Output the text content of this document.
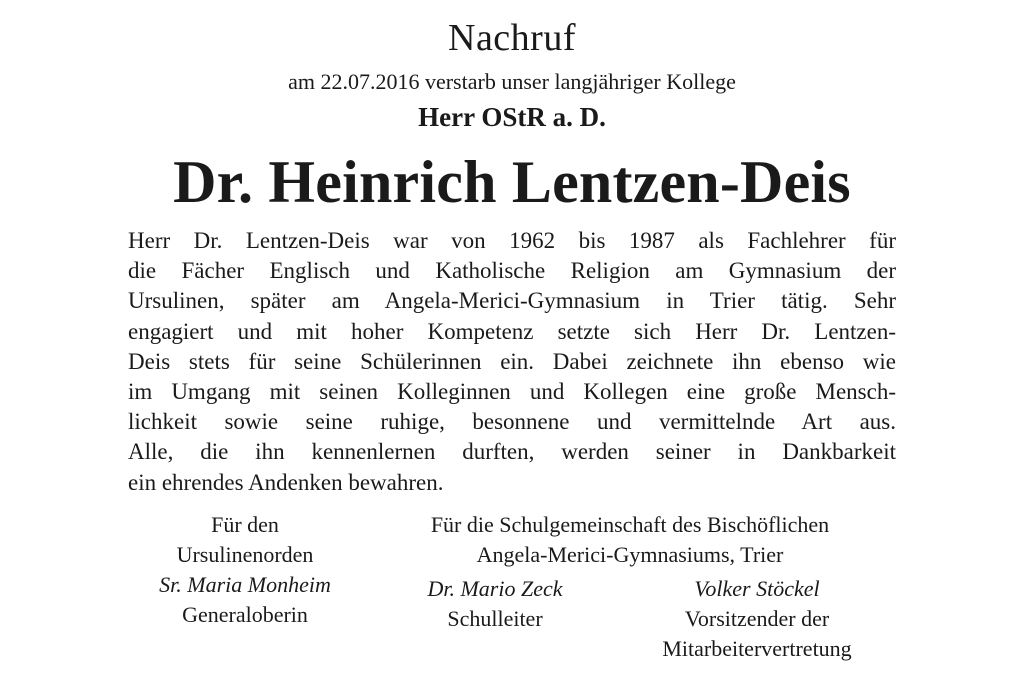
Nachruf
am 22.07.2016 verstarb unser langjähriger Kollege
Herr OStR a. D.
Dr. Heinrich Lentzen-Deis
Herr Dr. Lentzen-Deis war von 1962 bis 1987 als Fachlehrer für
die Fächer Englisch und Katholische Religion am Gymnasium der
Ursulinen, später am Angela-Merici-Gymnasium in Trier tätig. Sehr
engagiert und mit hoher Kompetenz setzte sich Herr Dr. Lentzen-
Deis stets für seine Schülerinnen ein. Dabei zeichnete ihn ebenso wie
im Umgang mit seinen Kolleginnen und Kollegen eine große Mensch-
lichkeit sowie seine ruhige, besonnene und vermittelnde Art aus.
Alle, die ihn kennenlernen durften, werden seiner in Dankbarkeit
ein ehrendes Andenken bewahren.
Für den
Ursulinenorden
Sr. Maria Monheim
Generaloberin
Für die Schulgemeinschaft des Bischöflichen
Angela-Merici-Gymnasiums, Trier
Dr. Mario Zeck
Schulleiter
Volker Stöckel
Vorsitzender der
Mitarbeitervertretung
